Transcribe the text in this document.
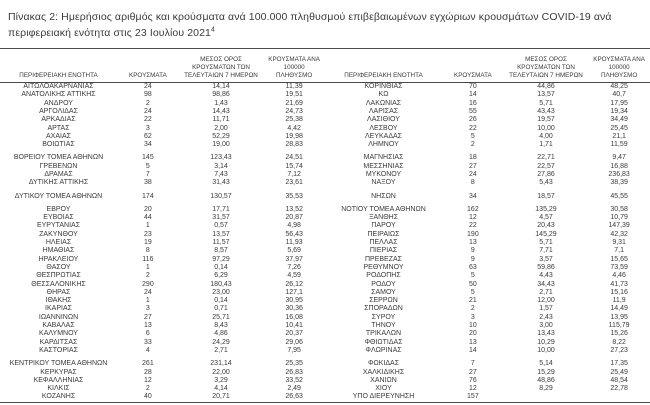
Πίνακας 2: Ημερήσιος αριθμός και κρούσματα ανά 100.000 πληθυσμού επιβεβαιωμένων εγχώριων κρουσμάτων COVID-19 ανά περιφερειακή ενότητα στις 23 Ιουλίου 2021$^4$
ΠΕΡΙΦΕΡΕΙΑΚΗ ΕΝΟΤΗΤΑ	ΚΡΟΥΣΜΑΤΑ	ΜΕΣΟΣ ΟΡΟΣ ΚΡΟΥΣΜΑΤΩΝ ΤΩΝ ΤΕΛΕΥΤΑΙΩΝ 7 ΗΜΕΡΩΝ	ΚΡΟΥΣΜΑΤΑ ΑΝΑ 100000 ΠΛΗΘΥΣΜΟ
ΑΙΤΩΛΟΑΚΑΡΝΑΝΙΑΣ	24	14,14	11,39
ΑΝΑΤΟΛΙΚΗΣ ΑΤΤΙΚΗΣ	98	98,86	19,51
ΑΝΔΡΟΥ	2	1,43	21,69
ΑΡΓΟΛΙΔΑΣ	24	14,43	24,73
ΑΡΚΑΔΙΑΣ	22	11,71	25,38
ΑΡΤΑΣ	3	2,00	4,42
ΑΧΑΪΑΣ	62	52,29	19,98
ΒΟΙΩΤΙΑΣ	34	19,00	28,83

ΒΟΡΕΙΟΥ ΤΟΜΕΑ ΑΘΗΝΩΝ	145	123,43	24,51
ΓΡΕΒΕΝΩΝ	5	3,14	15,74
ΔΡΑΜΑΣ	7	7,43	7,12
ΔΥΤΙΚΗΣ ΑΤΤΙΚΗΣ	38	31,43	23,61

ΔΥΤΙΚΟΥ ΤΟΜΕΑ ΑΘΗΝΩΝ	174	130,57	35,53

ΕΒΡΟΥ	20	17,71	13,52
ΕΥΒΟΙΑΣ	44	31,57	20,87
ΕΥΡΥΤΑΝΙΑΣ	1	0,57	4,98
ΖΑΚΥΝΘΟΥ	23	13,57	56,43
ΗΛΕΙΑΣ	19	11,57	11,93
ΗΜΑΘΙΑΣ	8	8,57	5,69
ΗΡΑΚΛΕΙΟΥ	116	97,29	37,97
ΘΑΣΟΥ	1	0,14	7,26
ΘΕΣΠΡΩΤΙΑΣ	2	6,29	4,59
ΘΕΣΣΑΛΟΝΙΚΗΣ	290	180,43	26,12
ΘΗΡΑΣ	24	23,00	127,1
ΙΘΑΚΗΣ	1	0,14	30,95
ΙΚΑΡΙΑΣ	3	0,71	30,36
ΙΩΑΝΝΙΝΩΝ	27	25,71	16,08
ΚΑΒΑΛΑΣ	13	8,43	10,41
ΚΑΛΥΜΝΟΥ	6	4,86	20,37
ΚΑΡΔΙΤΣΑΣ	33	24,29	29,06
ΚΑΣΤΟΡΙΑΣ	4	2,71	7,95

ΚΕΝΤΡΙΚΟΥ ΤΟΜΕΑ ΑΘΗΝΩΝ	261	231,14	25,35
ΚΕΡΚΥΡΑΣ	28	22,00	26,83
ΚΕΦΑΛΛΗΝΙΑΣ	12	3,29	33,52
ΚΙΛΚΙΣ	2	4,14	2,49
ΚΟΖΑΝΗΣ	40	20,71	26,63
ΠΕΡΙΦΕΡΕΙΑΚΗ ΕΝΟΤΗΤΑ	ΚΡΟΥΣΜΑΤΑ	ΜΕΣΟΣ ΟΡΟΣ ΚΡΟΥΣΜΑΤΩΝ ΤΩΝ ΤΕΛΕΥΤΑΙΩΝ 7 ΗΜΕΡΩΝ	ΚΡΟΥΣΜΑΤΑ ΑΝΑ 100000 ΠΛΗΘΥΣΜΟ
ΚΟΡΙΝΘΙΑΣ	70	44,86	48,25
ΚΩ	14	13,57	40,7
ΛΑΚΩΝΙΑΣ	16	5,71	17,95
ΛΑΡΙΣΑΣ	55	43,43	19,34
ΛΑΣΙΘΙΟΥ	26	19,57	34,49
ΛΕΣΒΟΥ	22	10,00	25,45
ΛΕΥΚΑΔΑΣ	5	4,00	21,1
ΛΗΜΝΟΥ	2	1,71	11,59

ΜΑΓΝΗΣΙΑΣ	18	22,71	9,47
ΜΕΣΣΗΝΙΑΣ	27	22,57	16,88
ΜΥΚΟΝΟΥ	24	27,86	236,83
ΝΑΞΟΥ	8	5,43	38,39

ΝΗΣΩΝ	34	18,57	45,55

ΝΟΤΙΟΥ ΤΟΜΕΑ ΑΘΗΝΩΝ	162	135,29	30,58
ΞΑΝΘΗΣ	12	4,57	10,79
ΠΑΡΟΥ	22	20,43	147,39
ΠΕΙΡΑΙΩΣ	190	145,29	42,32
ΠΕΛΛΑΣ	13	5,71	9,31
ΠΙΕΡΙΑΣ	9	7,71	7,1
ΠΡΕΒΕΖΑΣ	9	3,57	15,65
ΡΕΘΥΜΝΟΥ	63	59,86	73,59
ΡΟΔΟΠΗΣ	5	4,43	4,46
ΡΟΔΟΥ	50	34,43	41,73
ΣΑΜΟΥ	5	2,71	15,16
ΣΕΡΡΩΝ	21	12,00	11,9
ΣΠΟΡΑΔΩΝ	2	1,57	14,49
ΣΥΡΟΥ	3	2,43	13,95
ΤΗΝΟΥ	10	3,00	115,79
ΤΡΙΚΑΛΩΝ	20	13,43	15,26
ΦΘΙΩΤΙΔΑΣ	13	10,29	8,22
ΦΛΩΡΙΝΑΣ	14	10,00	27,23

ΦΩΚΙΔΑΣ	7	5,14	17,35
ΧΑΛΚΙΔΙΚΗΣ	27	15,29	25,49
ΧΑΝΙΩΝ	76	48,86	48,54
ΧΙΟΥ	12	8,29	22,78
ΥΠΟ ΔΙΕΡΕΥΝΗΣΗ	157		
